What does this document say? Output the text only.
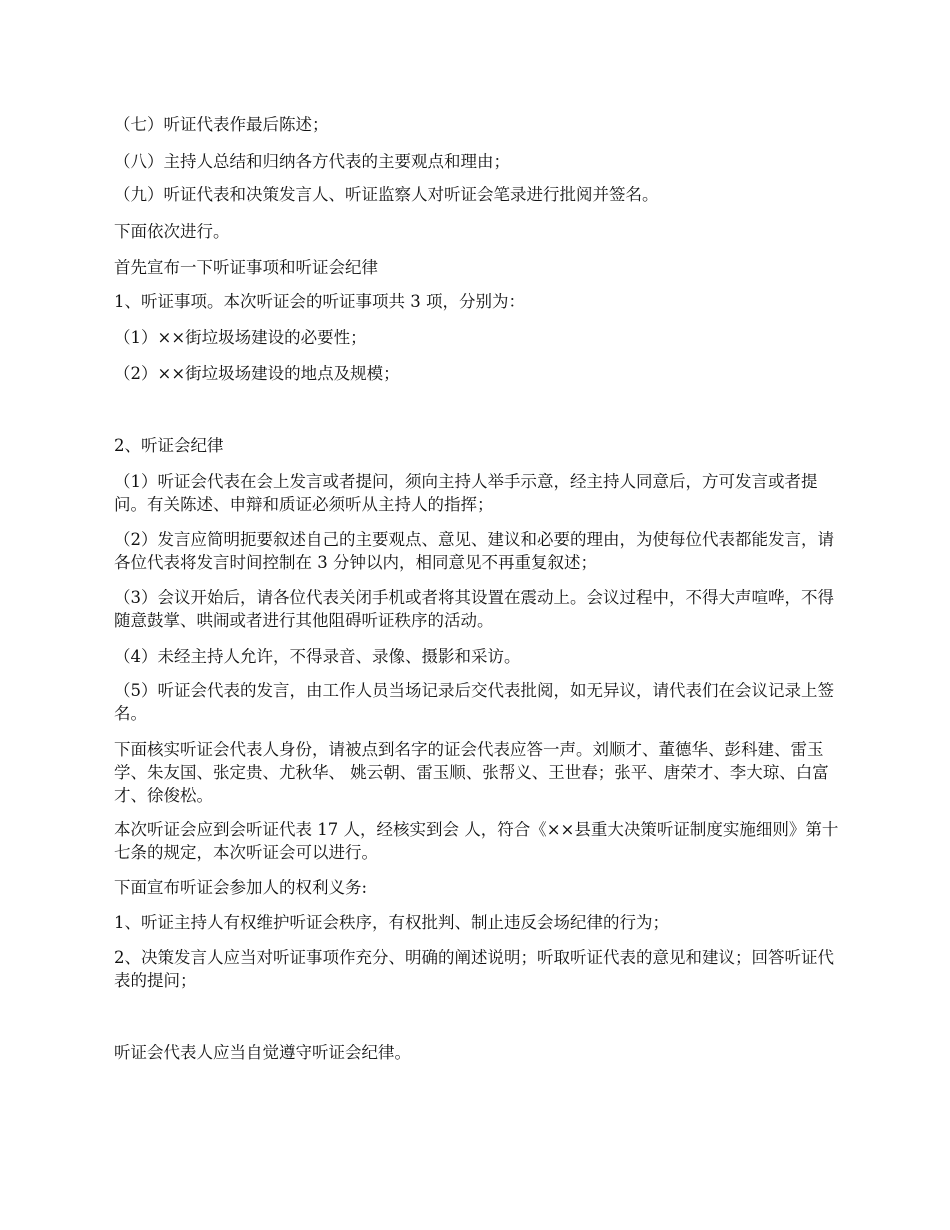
（七）听证代表作最后陈述；

（八）主持人总结和归纳各方代表的主要观点和理由；

（九）听证代表和决策发言人、听证监察人对听证会笔录进行批阅并签名。

下面依次进行。

首先宣布一下听证事项和听证会纪律

1、听证事项。本次听证会的听证事项共 3 项，分别为：

（1）××街垃圾场建设的必要性；

（2）××街垃圾场建设的地点及规模；

2、听证会纪律

（1）听证会代表在会上发言或者提问，须向主持人举手示意，经主持人同意后，方可发言或者提问。有关陈述、申辩和质证必须听从主持人的指挥；

（2）发言应简明扼要叙述自己的主要观点、意见、建议和必要的理由，为使每位代表都能发言，请各位代表将发言时间控制在 3 分钟以内，相同意见不再重复叙述；

（3）会议开始后，请各位代表关闭手机或者将其设置在震动上。会议过程中，不得大声喧哗，不得随意鼓掌、哄闹或者进行其他阻碍听证秩序的活动。

（4）未经主持人允许，不得录音、录像、摄影和采访。

（5）听证会代表的发言，由工作人员当场记录后交代表批阅，如无异议，请代表们在会议记录上签名。

下面核实听证会代表人身份，请被点到名字的证会代表应答一声。刘顺才、董德华、彭科建、雷玉学、朱友国、张定贵、尤秋华、 姚云朝、雷玉顺、张帮义、王世春；张平、唐荣才、李大琼、白富才、徐俊松。

本次听证会应到会听证代表 17 人，经核实到会 人，符合《××县重大决策听证制度实施细则》第十七条的规定，本次听证会可以进行。

下面宣布听证会参加人的权利义务:

1、听证主持人有权维护听证会秩序，有权批判、制止违反会场纪律的行为；

2、决策发言人应当对听证事项作充分、明确的阐述说明；听取听证代表的意见和建议；回答听证代表的提问；

听证会代表人应当自觉遵守听证会纪律。
